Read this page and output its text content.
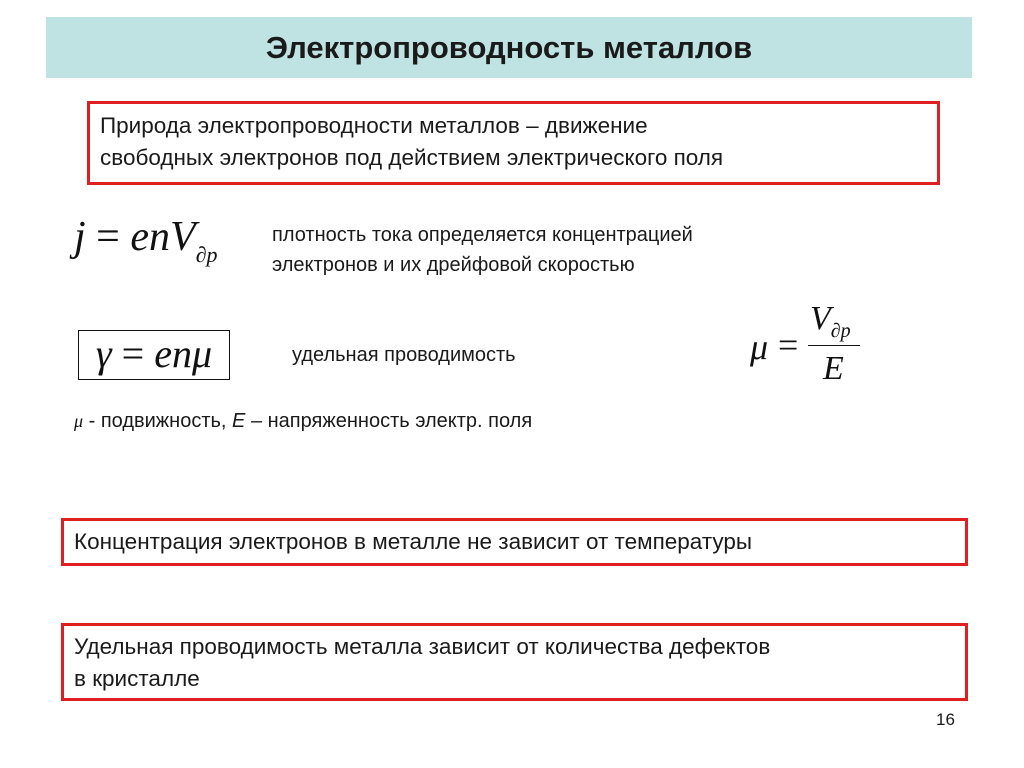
Электропроводность металлов
Природа электропроводности металлов – движение
свободных электронов под действием электрического поля
j = enV$_{\partial р}$
плотность тока определяется концентрацией
электронов и их дрейфовой скоростью
γ = enμ	удельная проводимость	μ =
$V_{\partial р}$
E
μ - подвижность, E – напряженность электр. поля
Концентрация электронов в металле не зависит от температуры
Удельная проводимость металла зависит от количества дефектов
в кристалле
16
